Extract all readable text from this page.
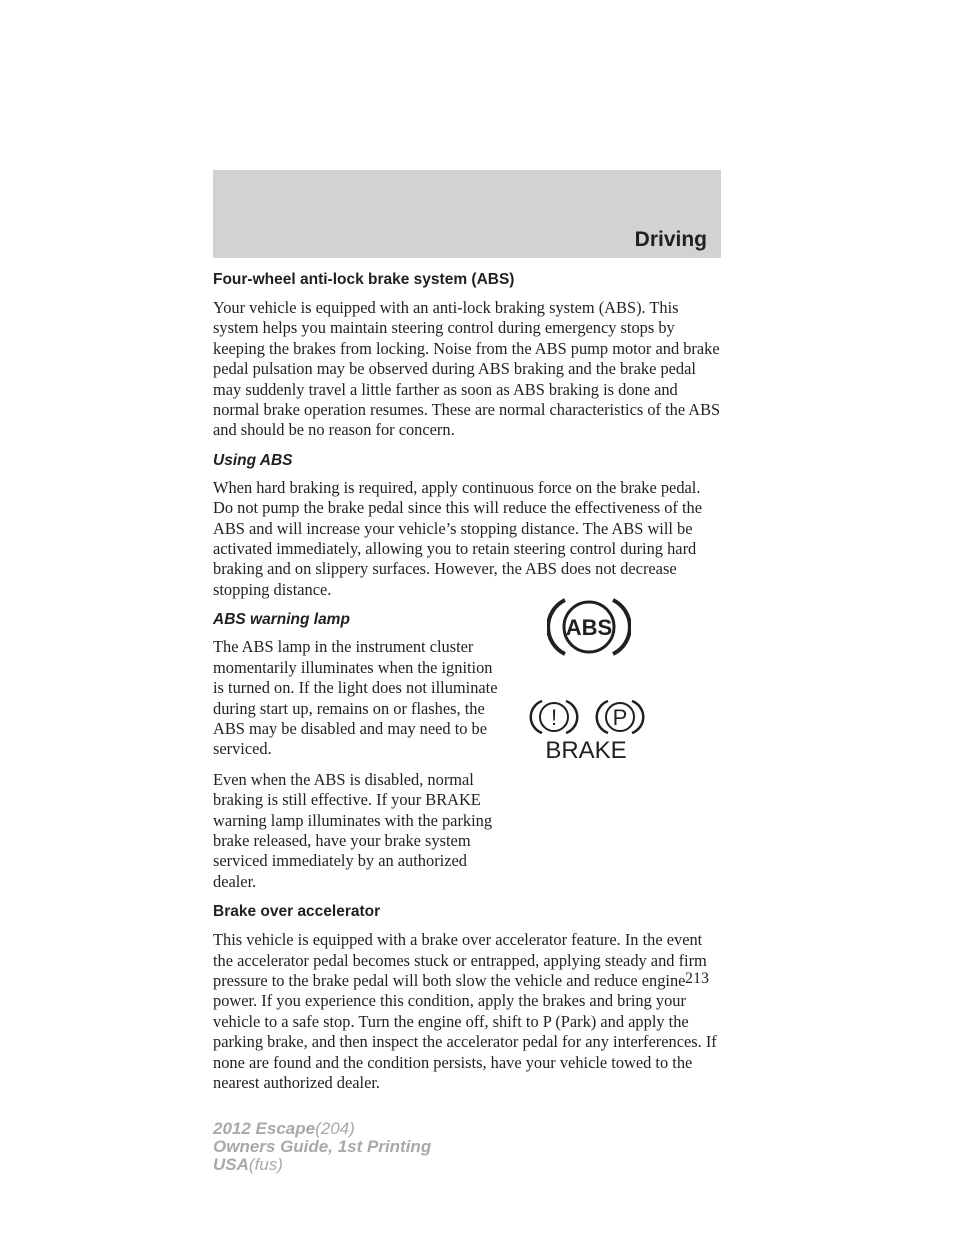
Driving
Four-wheel anti-lock brake system (ABS)

Your vehicle is equipped with an anti-lock braking system (ABS). This system helps you maintain steering control during emergency stops by keeping the brakes from locking. Noise from the ABS pump motor and brake pedal pulsation may be observed during ABS braking and the brake pedal may suddenly travel a little farther as soon as ABS braking is done and normal brake operation resumes. These are normal characteristics of the ABS and should be no reason for concern.

Using ABS

When hard braking is required, apply continuous force on the brake pedal. Do not pump the brake pedal since this will reduce the effectiveness of the ABS and will increase your vehicle’s stopping distance. The ABS will be activated immediately, allowing you to retain steering control during hard braking and on slippery surfaces. However, the ABS does not decrease stopping distance.

ABS warning lamp

The ABS lamp in the instrument cluster momentarily illuminates when the ignition is turned on. If the light does not illuminate during start up, remains on or flashes, the ABS may be disabled and may need to be serviced.

Even when the ABS is disabled, normal braking is still effective. If your BRAKE warning lamp illuminates with the parking brake released, have your brake system serviced immediately by an authorized dealer.

Brake over accelerator

This vehicle is equipped with a brake over accelerator feature. In the event the accelerator pedal becomes stuck or entrapped, applying steady and firm pressure to the brake pedal will both slow the vehicle and reduce engine power. If you experience this condition, apply the brakes and bring your vehicle to a safe stop. Turn the engine off, shift to P (Park) and apply the parking brake, and then inspect the accelerator pedal for any interferences. If none are found and the condition persists, have your vehicle towed to the nearest authorized dealer.

ABS
!	P
BRAKE
213
2012 Escape(204)
Owners Guide, 1st Printing
USA(fus)
